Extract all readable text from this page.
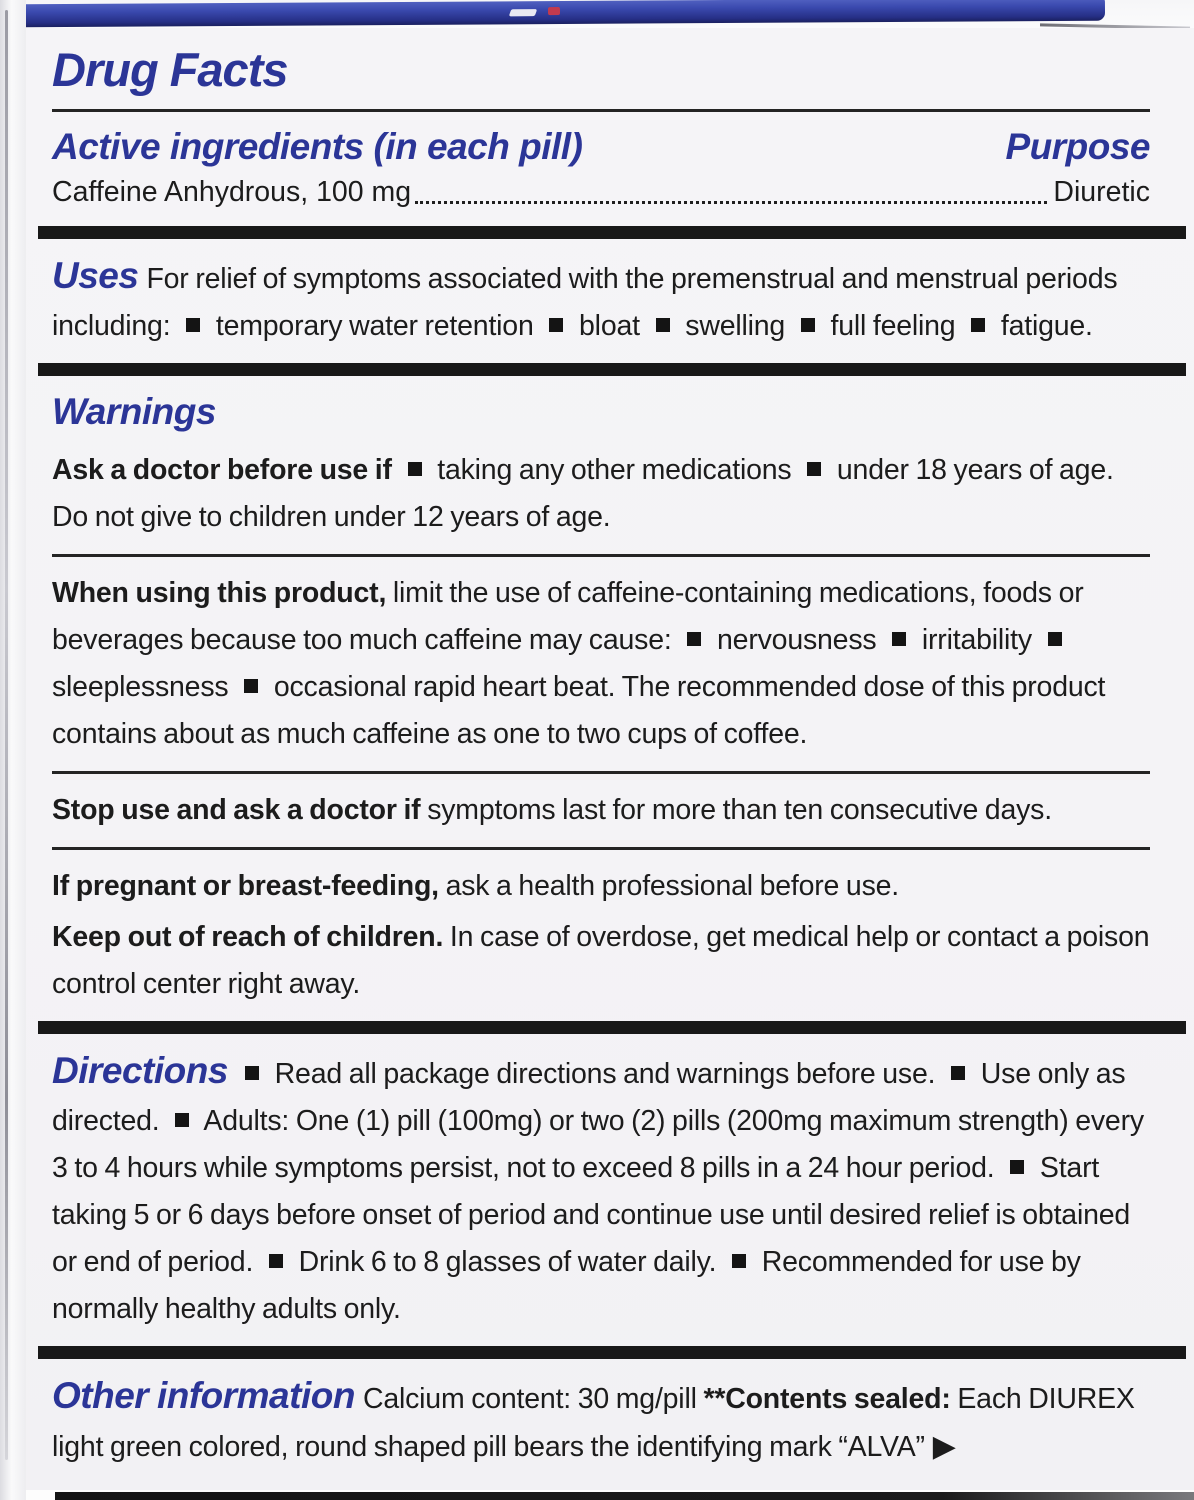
Drug Facts
Active ingredients (in each pill)	Purpose
Caffeine Anhydrous, 100 mg	Diuretic

Uses For relief of symptoms associated with the premenstrual and menstrual periods including:  temporary water retention  bloat  swelling  full feeling  fatigue.

Warnings

Ask a doctor before use if  taking any other medications  under 18 years of age. Do not give to children under 12 years of age.

When using this product, limit the use of caffeine-containing medications, foods or beverages because too much caffeine may cause:  nervousness  irritability  sleeplessness  occasional rapid heart beat. The recommended dose of this product contains about as much caffeine as one to two cups of coffee.

Stop use and ask a doctor if symptoms last for more than ten consecutive days.

If pregnant or breast-feeding, ask a health professional before use.

Keep out of reach of children. In case of overdose, get medical help or contact a poison control center right away.

Directions Read all package directions and warnings before use.  Use only as directed.  Adults: One (1) pill (100mg) or two (2) pills (200mg maximum strength) every 3 to 4 hours while symptoms persist, not to exceed 8 pills in a 24 hour period.  Start taking 5 or 6 days before onset of period and continue use until desired relief is obtained or end of period.  Drink 6 to 8 glasses of water daily.  Recommended for use by normally healthy adults only.

Other information Calcium content: 30 mg/pill **Contents sealed: Each DIUREX light green colored, round shaped pill bears the identifying mark “ALVA” ▶
